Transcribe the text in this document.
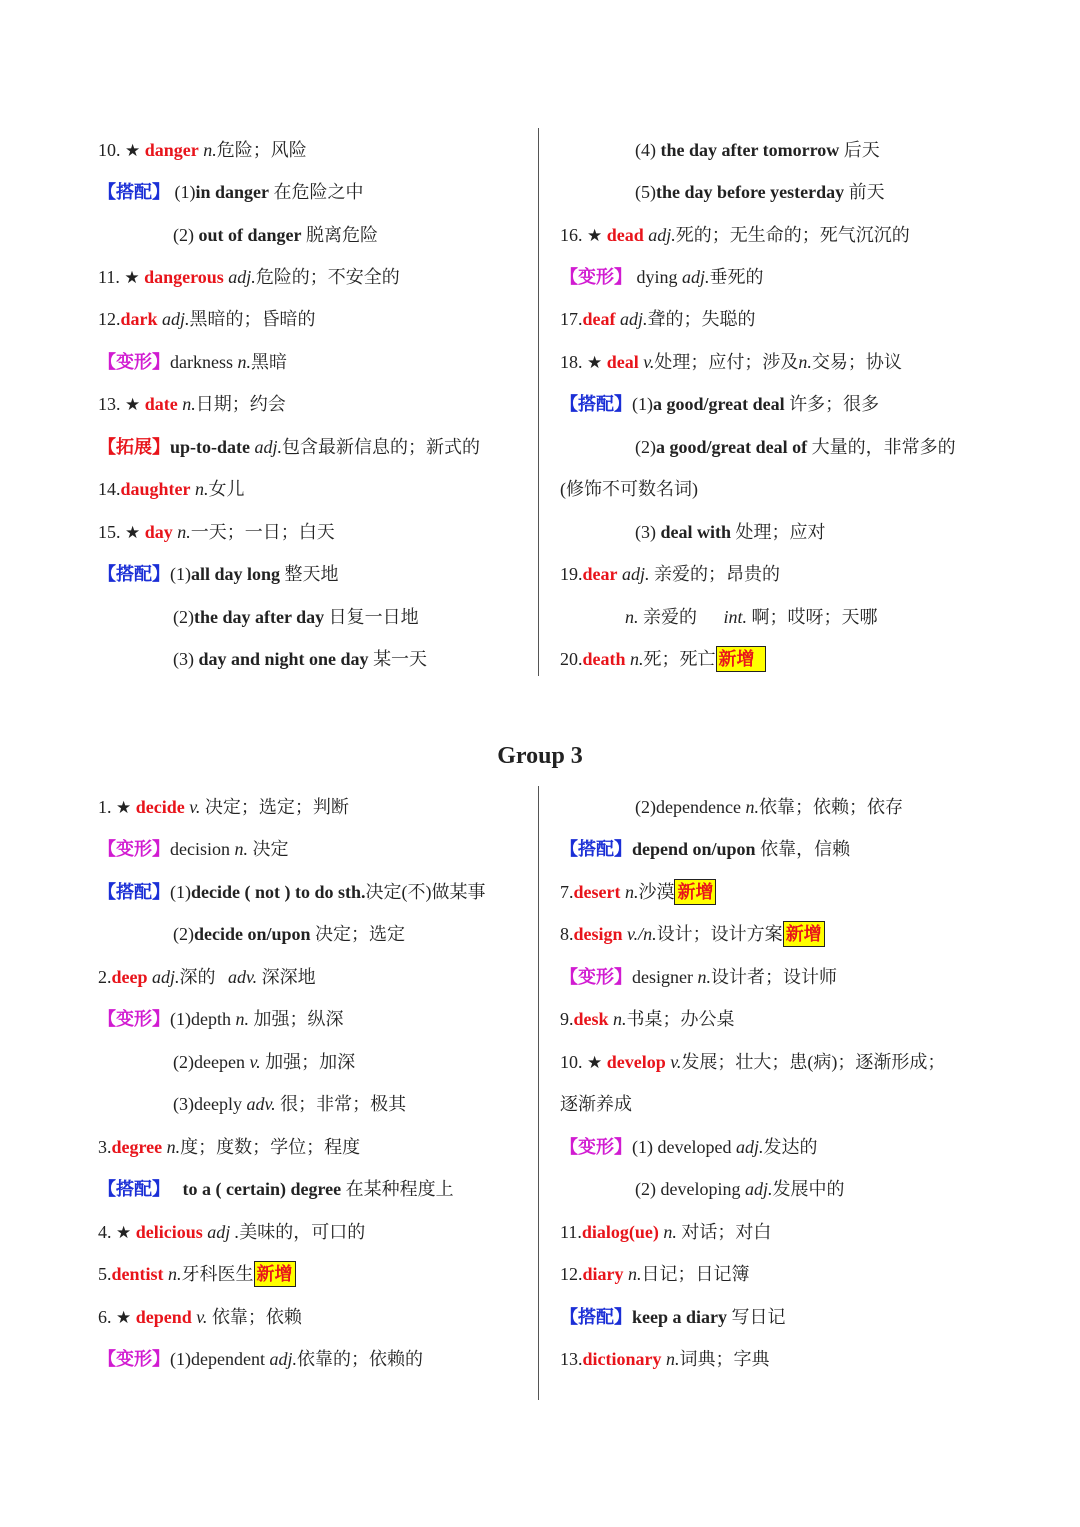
10. ★ danger n.危险；风险
【搭配】 (1)in danger 在危险之中
(2) out of danger 脱离危险
11. ★ dangerous adj.危险的；不安全的
12.dark adj.黑暗的；昏暗的
【变形】darkness n.黑暗
13. ★ date n.日期；约会
【拓展】up-to-date adj.包含最新信息的；新式的
14.daughter n.女儿
15. ★ day n.一天；一日；白天
【搭配】(1)all day long 整天地
(2)the day after day 日复一日地
(3) day and night one day 某一天
(4) the day after tomorrow 后天
(5)the day before yesterday 前天
16. ★ dead adj.死的；无生命的；死气沉沉的
【变形】 dying adj.垂死的
17.deaf adj.聋的；失聪的
18. ★ deal v.处理；应付；涉及n.交易；协议
【搭配】(1)a good/great deal 许多；很多
(2)a good/great deal of 大量的，非常多的
(修饰不可数名词)
(3) deal with 处理；应对
19.dear adj. 亲爱的；昂贵的
n. 亲爱的 int. 啊；哎呀；天哪
20.death n.死；死亡 新增
Group 3
1. ★ decide v. 决定；选定；判断
【变形】decision n. 决定
【搭配】(1)decide ( not ) to do sth.决定(不)做某事
(2)decide on/upon 决定；选定
2.deep adj.深的 adv. 深深地
【变形】(1)depth n. 加强；纵深
(2)deepen v. 加强；加深
(3)deeply adv. 很；非常；极其
3.degree n.度；度数；学位；程度
【搭配】 to a ( certain) degree 在某种程度上
4. ★ delicious adj .美味的，可口的
5.dentist n.牙科医生 新增
6. ★ depend v. 依靠；依赖
【变形】(1)dependent adj.依靠的；依赖的
(2)dependence n.依靠；依赖；依存
【搭配】depend on/upon 依靠，信赖
7.desert n.沙漠 新增
8.design v./n.设计；设计方案 新增
【变形】designer n.设计者；设计师
9.desk n.书桌；办公桌
10. ★ develop v.发展；壮大；患(病)；逐渐形成；
逐渐养成
【变形】(1) developed adj.发达的
(2) developing adj.发展中的
11.dialog(ue) n. 对话；对白
12.diary n.日记；日记簿
【搭配】keep a diary 写日记
13.dictionary n.词典；字典
